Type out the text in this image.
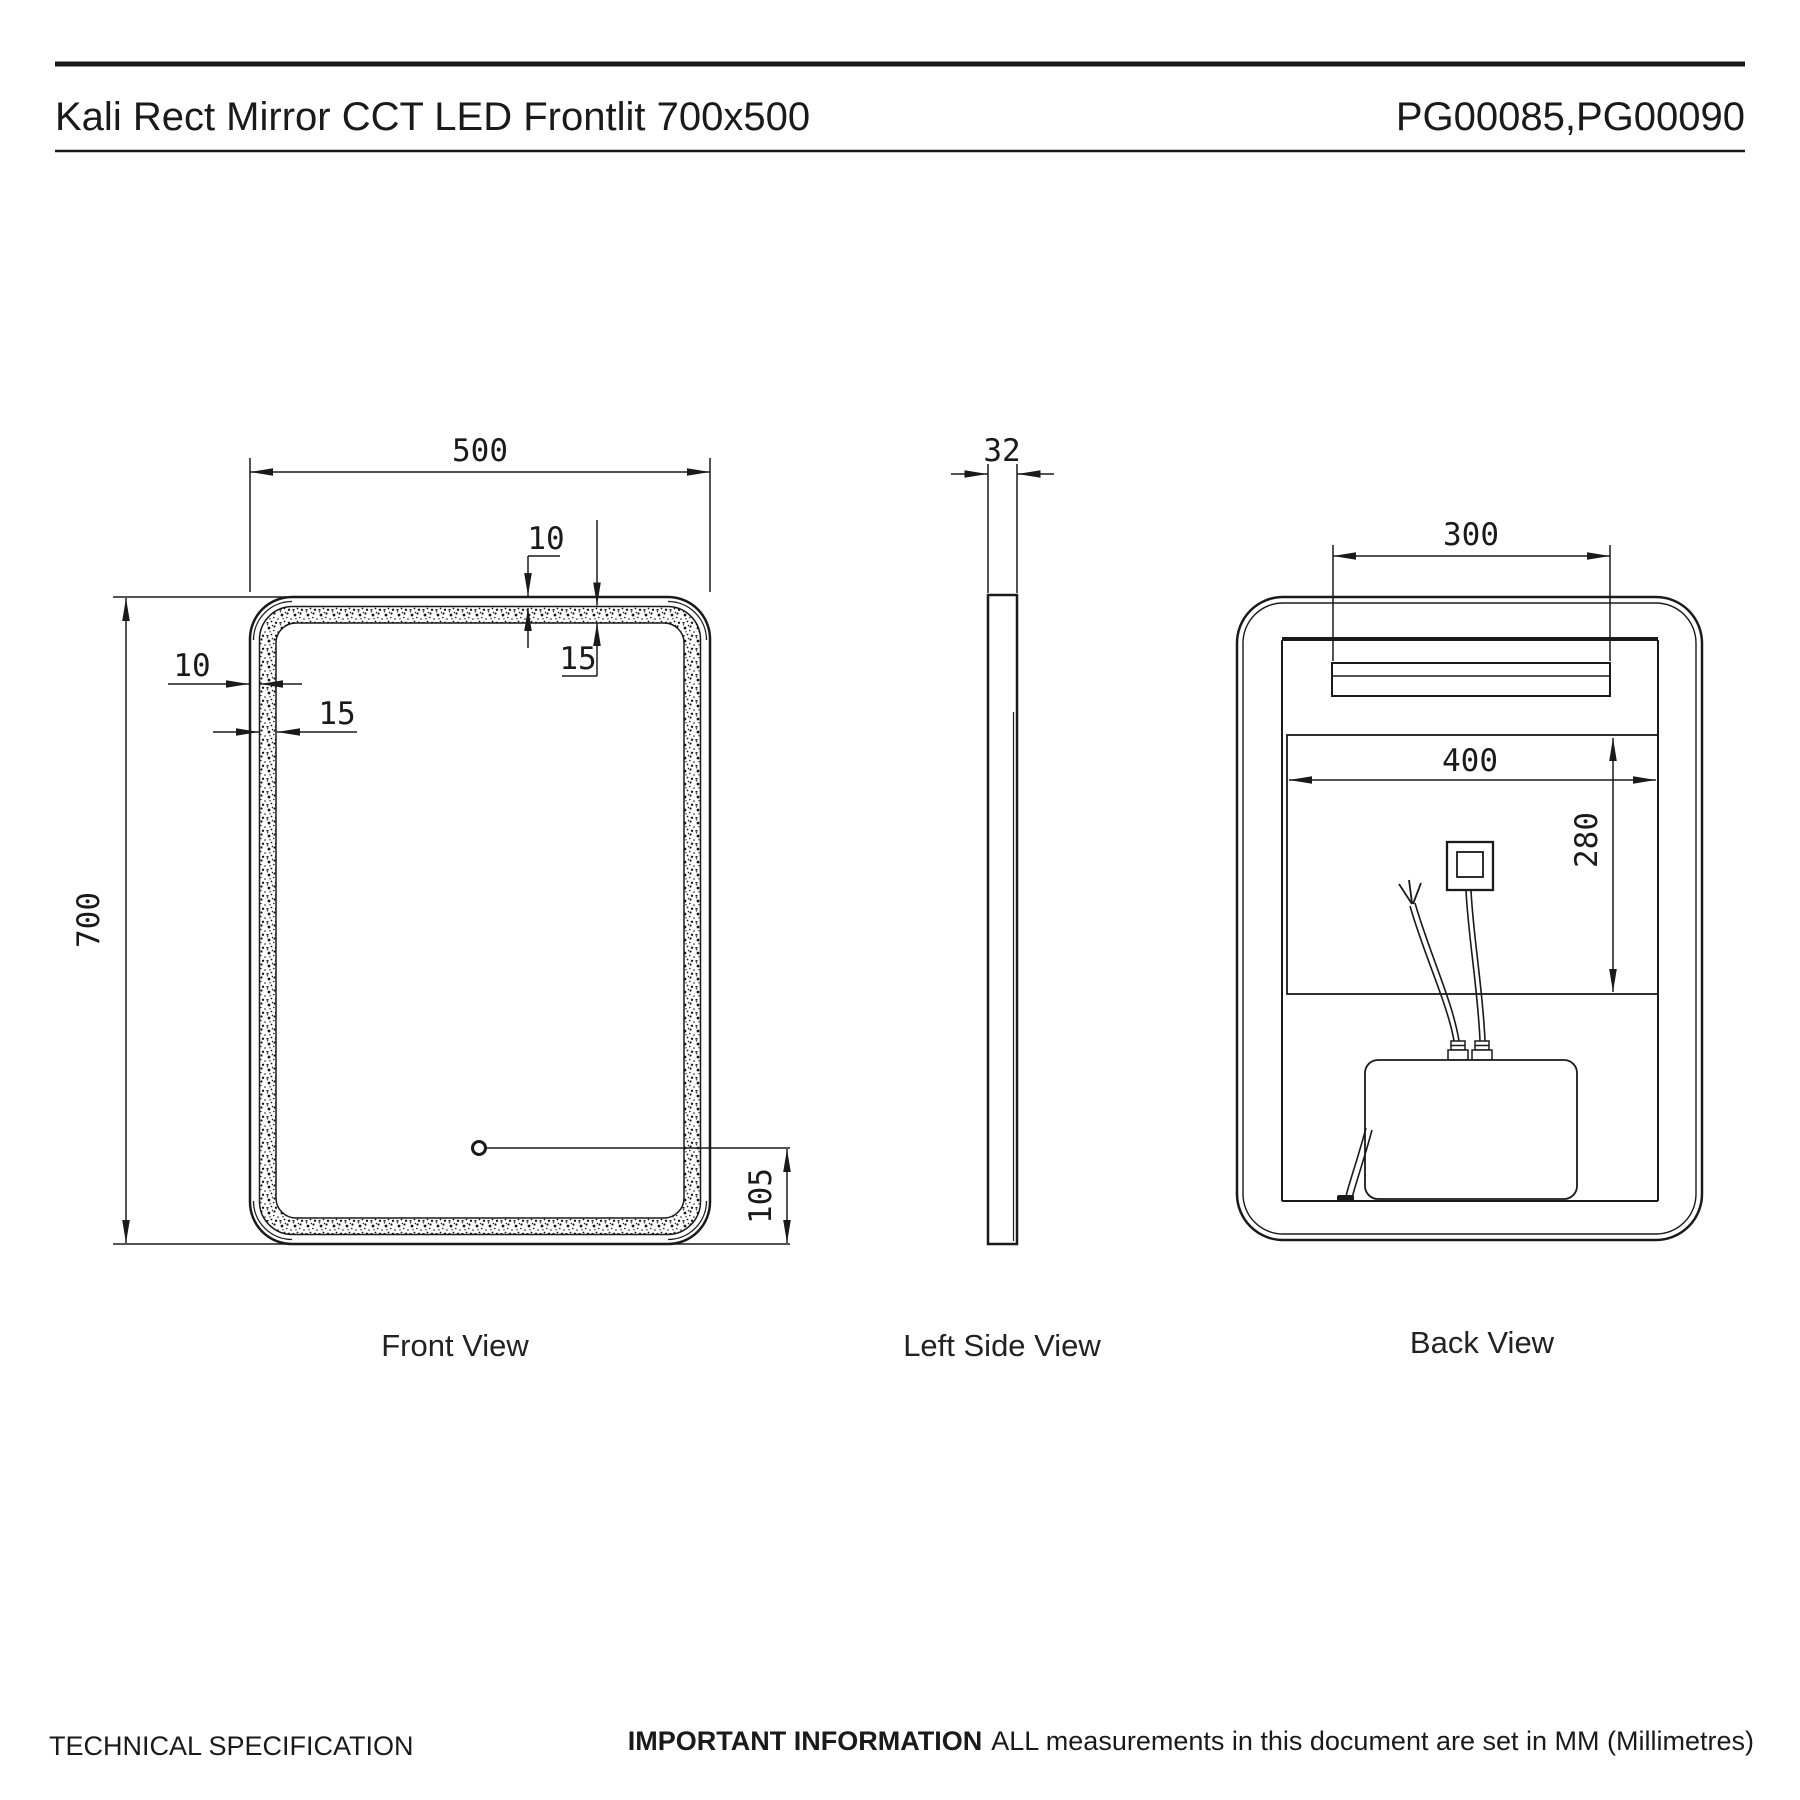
Kali Rect Mirror CCT LED Frontlit 700x500	PG00085,PG00090
500
700
10
15
10
15
105
Front View
32
Left Side View
300
400
280
Back View
TECHNICAL SPECIFICATION	IMPORTANT INFORMATION ALL measurements in this document are set in MM (Millimetres)
